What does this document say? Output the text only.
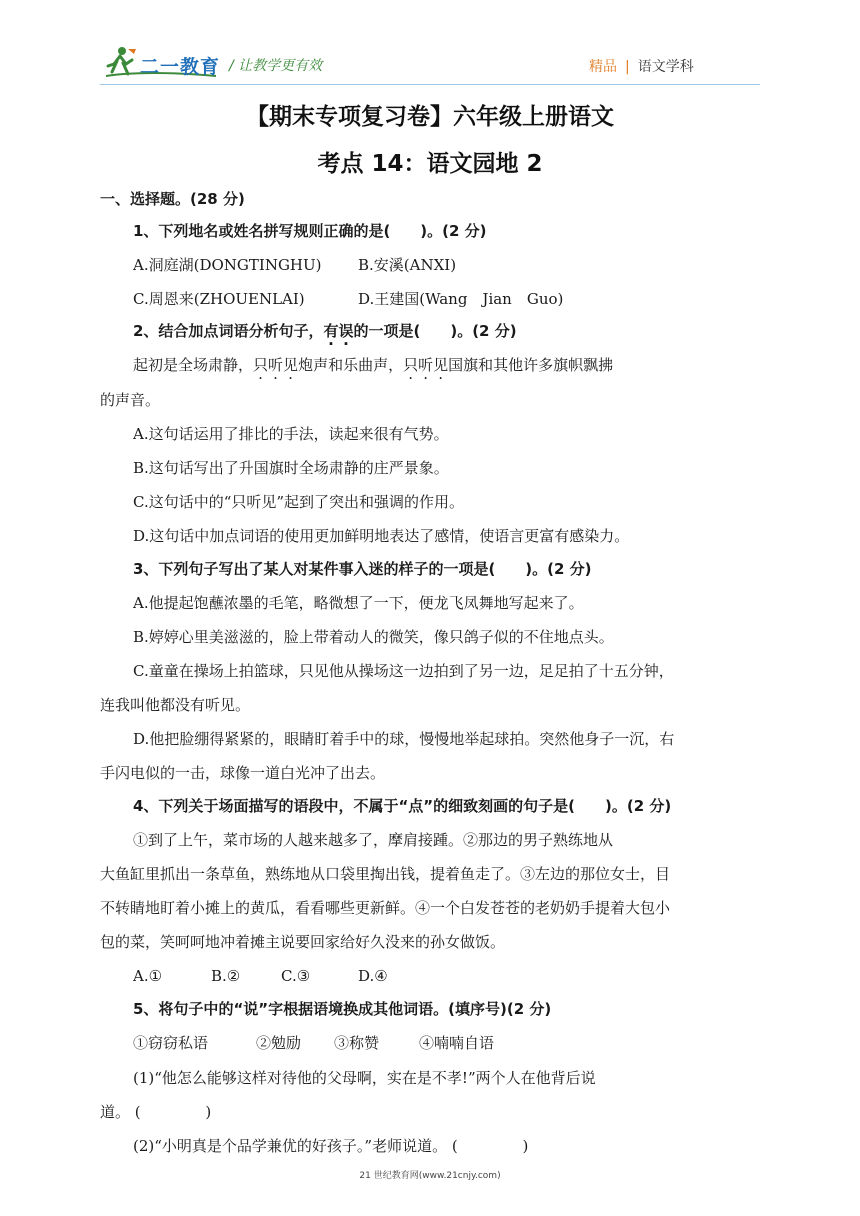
二一教育 / 让教学更有效	精品 | 语文学科
【期末专项复习卷】六年级上册语文
考点 14：语文园地 2
一、选择题。(28 分)
1、下列地名或姓名拼写规则正确的是(　　)。(2 分)
A.洞庭湖(DONGTINGHU) B.安溪(ANXI)
C.周恩来(ZHOUENLAI)	D.王建国(Wang　Jian　Guo)
2、结合加点词语分析句子，有误的一项是(　　)。(2 分)
起初是全场肃静，只听见炮声和乐曲声，只听见国旗和其他许多旗帜飘拂
的声音。
A.这句话运用了排比的手法，读起来很有气势。
B.这句话写出了升国旗时全场肃静的庄严景象。
C.这句话中的“只听见”起到了突出和强调的作用。
D.这句话中加点词语的使用更加鲜明地表达了感情，使语言更富有感染力。
3、下列句子写出了某人对某件事入迷的样子的一项是(　　)。(2 分)
A.他提起饱蘸浓墨的毛笔，略微想了一下，便龙飞凤舞地写起来了。
B.婷婷心里美滋滋的，脸上带着动人的微笑，像只鸽子似的不住地点头。
C.童童在操场上拍篮球，只见他从操场这一边拍到了另一边，足足拍了十五分钟，
连我叫他都没有听见。
D.他把脸绷得紧紧的，眼睛盯着手中的球，慢慢地举起球拍。突然他身子一沉，右
手闪电似的一击，球像一道白光冲了出去。
4、下列关于场面描写的语段中，不属于“点”的细致刻画的句子是(　　)。(2 分)
①到了上午，菜市场的人越来越多了，摩肩接踵。②那边的男子熟练地从
大鱼缸里抓出一条草鱼，熟练地从口袋里掏出钱，提着鱼走了。③左边的那位女士，目
不转睛地盯着小摊上的黄瓜，看看哪些更新鲜。④一个白发苍苍的老奶奶手提着大包小
包的菜，笑呵呵地冲着摊主说要回家给好久没来的孙女做饭。
A.①	B.②	C.③	D.④
5、将句子中的“说”字根据语境换成其他词语。(填序号)(2 分)
①窃窃私语	②勉励 ③称赞	④喃喃自语
(1)“他怎么能够这样对待他的父母啊，实在是不孝!”两个人在他背后说
道。 (　　　　 )
(2)“小明真是个品学兼优的好孩子。”老师说道。 (　　　　 )
21 世纪教育网(www.21cnjy.com)
